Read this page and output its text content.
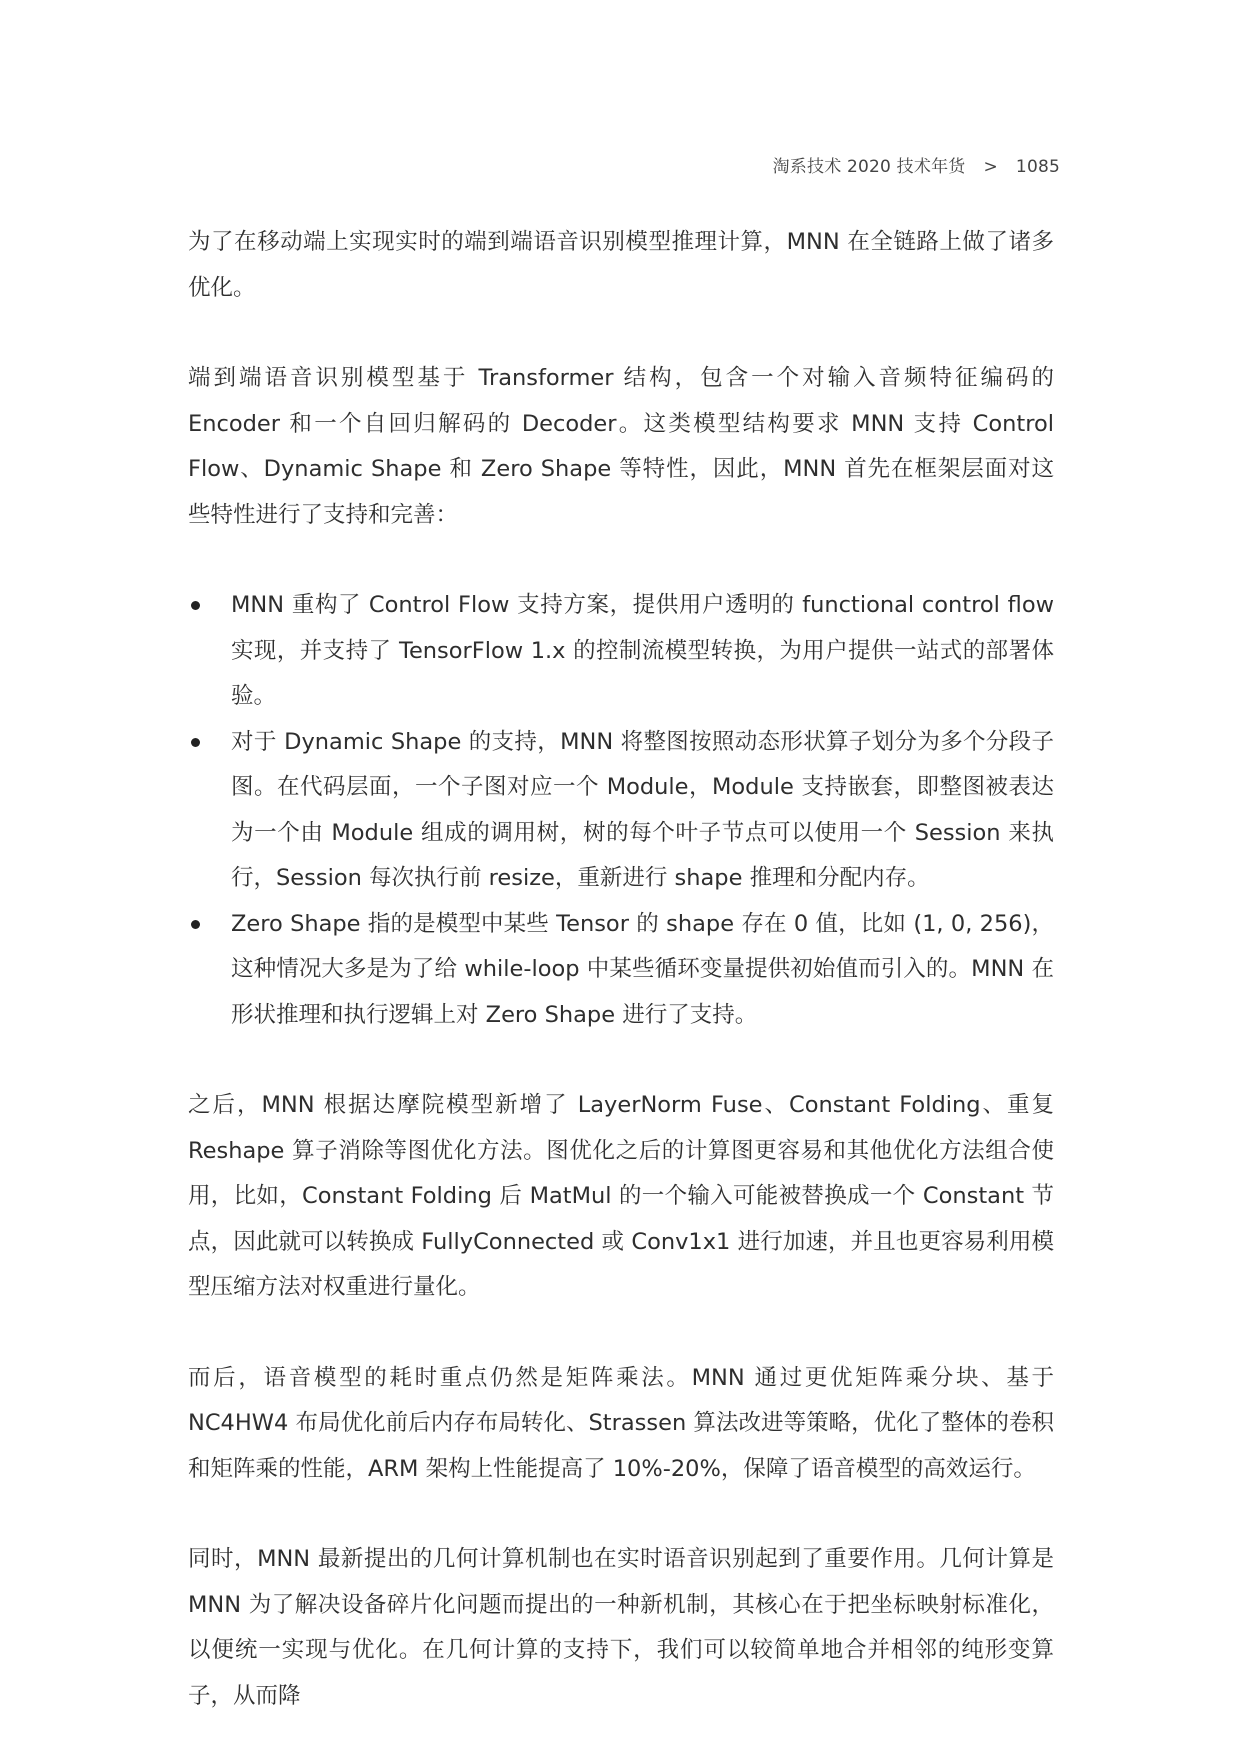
淘系技术 2020 技术年货 > 1085

为了在移动端上实现实时的端到端语音识别模型推理计算，MNN 在全链路上做了诸多优化。

端到端语音识别模型基于 Transformer 结构，包含一个对输入音频特征编码的 Encoder 和一个自回归解码的 Decoder。这类模型结构要求 MNN 支持 Control Flow、Dynamic Shape 和 Zero Shape 等特性，因此，MNN 首先在框架层面对这些特性进行了支持和完善：

MNN 重构了 Control Flow 支持方案，提供用户透明的 functional control flow 实现，并支持了 TensorFlow 1.x 的控制流模型转换，为用户提供一站式的部署体验。
对于 Dynamic Shape 的支持，MNN 将整图按照动态形状算子划分为多个分段子图。在代码层面，一个子图对应一个 Module，Module 支持嵌套，即整图被表达为一个由 Module 组成的调用树，树的每个叶子节点可以使用一个 Session 来执行，Session 每次执行前 resize，重新进行 shape 推理和分配内存。
Zero Shape 指的是模型中某些 Tensor 的 shape 存在 0 值，比如 (1, 0, 256)，这种情况大多是为了给 while-loop 中某些循环变量提供初始值而引入的。MNN 在形状推理和执行逻辑上对 Zero Shape 进行了支持。

之后，MNN 根据达摩院模型新增了 LayerNorm Fuse、Constant Folding、重复 Reshape 算子消除等图优化方法。图优化之后的计算图更容易和其他优化方法组合使用，比如，Constant Folding 后 MatMul 的一个输入可能被替换成一个 Constant 节点，因此就可以转换成 FullyConnected 或 Conv1x1 进行加速，并且也更容易利用模型压缩方法对权重进行量化。

而后，语音模型的耗时重点仍然是矩阵乘法。MNN 通过更优矩阵乘分块、基于 NC4HW4 布局优化前后内存布局转化、Strassen 算法改进等策略，优化了整体的卷积和矩阵乘的性能，ARM 架构上性能提高了 10%-20%，保障了语音模型的高效运行。

同时，MNN 最新提出的几何计算机制也在实时语音识别起到了重要作用。几何计算是 MNN 为了解决设备碎片化问题而提出的一种新机制，其核心在于把坐标映射标准化，以便统一实现与优化。在几何计算的支持下，我们可以较简单地合并相邻的纯形变算子，从而降
